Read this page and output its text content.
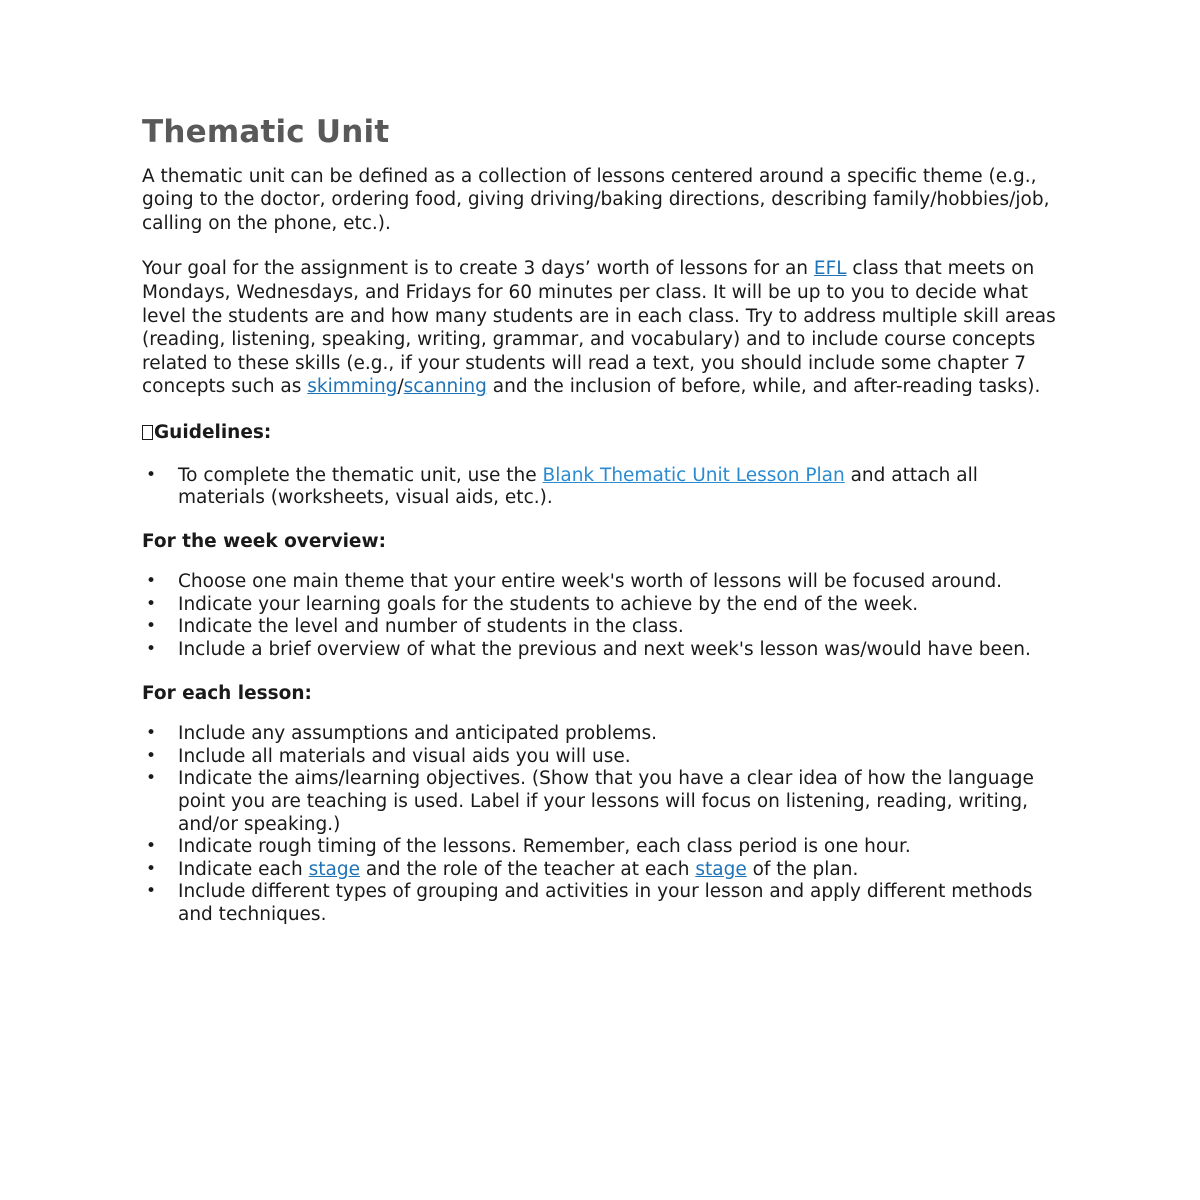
Thematic Unit

A thematic unit can be defined as a collection of lessons centered around a specific theme (e.g., going to the doctor, ordering food, giving driving/baking directions, describing family/hobbies/job, calling on the phone, etc.).

Your goal for the assignment is to create 3 days’ worth of lessons for an EFL class that meets on Mondays, Wednesdays, and Fridays for 60 minutes per class. It will be up to you to decide what level the students are and how many students are in each class. Try to address multiple skill areas (reading, listening, speaking, writing, grammar, and vocabulary) and to include course concepts related to these skills (e.g., if your students will read a text, you should include some chapter 7 concepts such as skimming/scanning and the inclusion of before, while, and after-reading tasks).

Guidelines:
• To complete the thematic unit, use the Blank Thematic Unit Lesson Plan and attach all materials (worksheets, visual aids, etc.).
For the week overview:
• Choose one main theme that your entire week's worth of lessons will be focused around.
• Indicate your learning goals for the students to achieve by the end of the week.
• Indicate the level and number of students in the class.
• Include a brief overview of what the previous and next week's lesson was/would have been.
For each lesson:
• Include any assumptions and anticipated problems.
• Include all materials and visual aids you will use.
• Indicate the aims/learning objectives. (Show that you have a clear idea of how the language point you are teaching is used. Label if your lessons will focus on listening, reading, writing, and/or speaking.)
• Indicate rough timing of the lessons. Remember, each class period is one hour.
• Indicate each stage and the role of the teacher at each stage of the plan.
• Include different types of grouping and activities in your lesson and apply different methods and techniques.
